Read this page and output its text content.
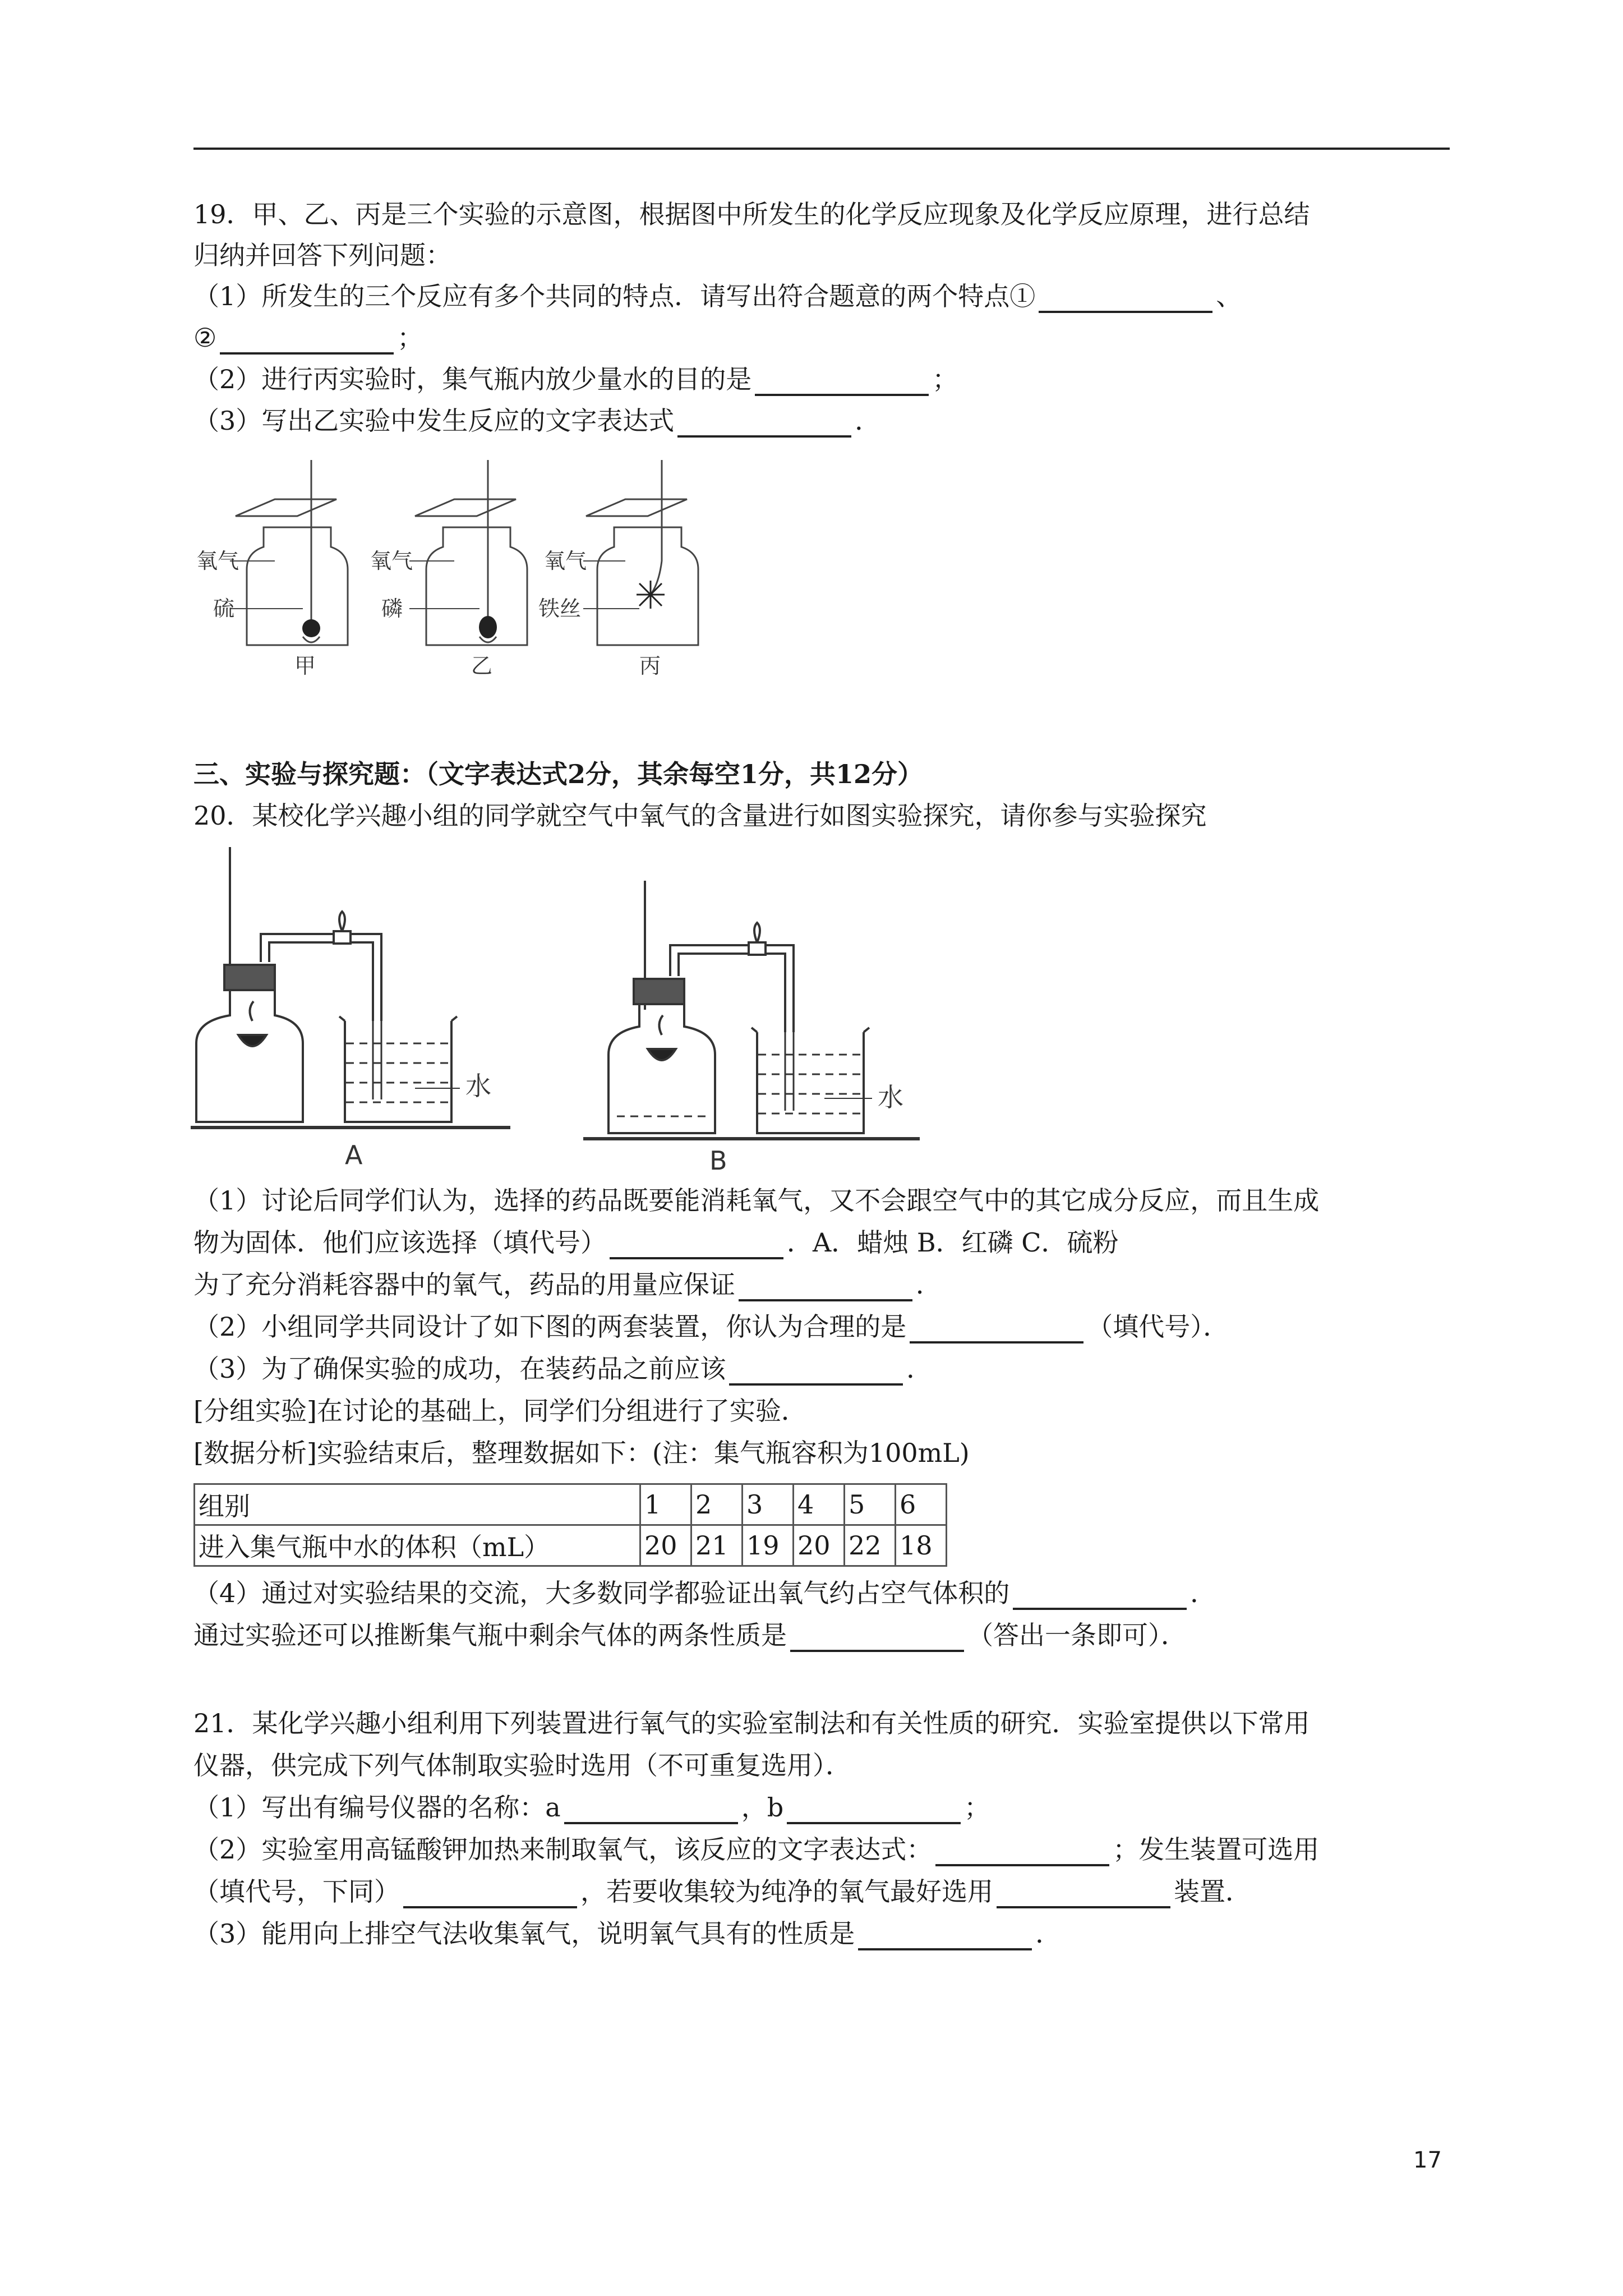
19．甲、乙、丙是三个实验的示意图，根据图中所发生的化学反应现象及化学反应原理，进行总结
归纳并回答下列问题：
（1）所发生的三个反应有多个共同的特点．请写出符合题意的两个特点①	、
②	；
（2）进行丙实验时，集气瓶内放少量水的目的是	；
（3）写出乙实验中发生反应的文字表达式	．
氧气
硫
甲
氧气
磷
乙
氧气
铁丝
丙
三、实验与探究题：（文字表达式2分，其余每空1分，共12分）
20．某校化学兴趣小组的同学就空气中氧气的含量进行如图实验探究，请你参与实验探究
水	水
A	B
（1）讨论后同学们认为，选择的药品既要能消耗氧气，又不会跟空气中的其它成分反应，而且生成
物为固体．他们应该选择（填代号）	．A．蜡烛 B．红磷 C．硫粉
为了充分消耗容器中的氧气，药品的用量应保证	．
（2）小组同学共同设计了如下图的两套装置，你认为合理的是	（填代号）．
（3）为了确保实验的成功，在装药品之前应该	．
[分组实验]在讨论的基础上，同学们分组进行了实验．
[数据分析]实验结束后，整理数据如下：(注：集气瓶容积为100mL)
组别	1	2	3	4	5	6
进入集气瓶中水的体积（mL）	20	21	19	20	22	18
（4）通过对实验结果的交流，大多数同学都验证出氧气约占空气体积的	．
通过实验还可以推断集气瓶中剩余气体的两条性质是	（答出一条即可）．
21．某化学兴趣小组利用下列装置进行氧气的实验室制法和有关性质的研究．实验室提供以下常用
仪器，供完成下列气体制取实验时选用（不可重复选用）．
（1）写出有编号仪器的名称：a	，b	；
（2）实验室用高锰酸钾加热来制取氧气，该反应的文字表达式：	；发生装置可选用
（填代号，下同）	，若要收集较为纯净的氧气最好选用	装置．
（3）能用向上排空气法收集氧气，说明氧气具有的性质是	．
17
